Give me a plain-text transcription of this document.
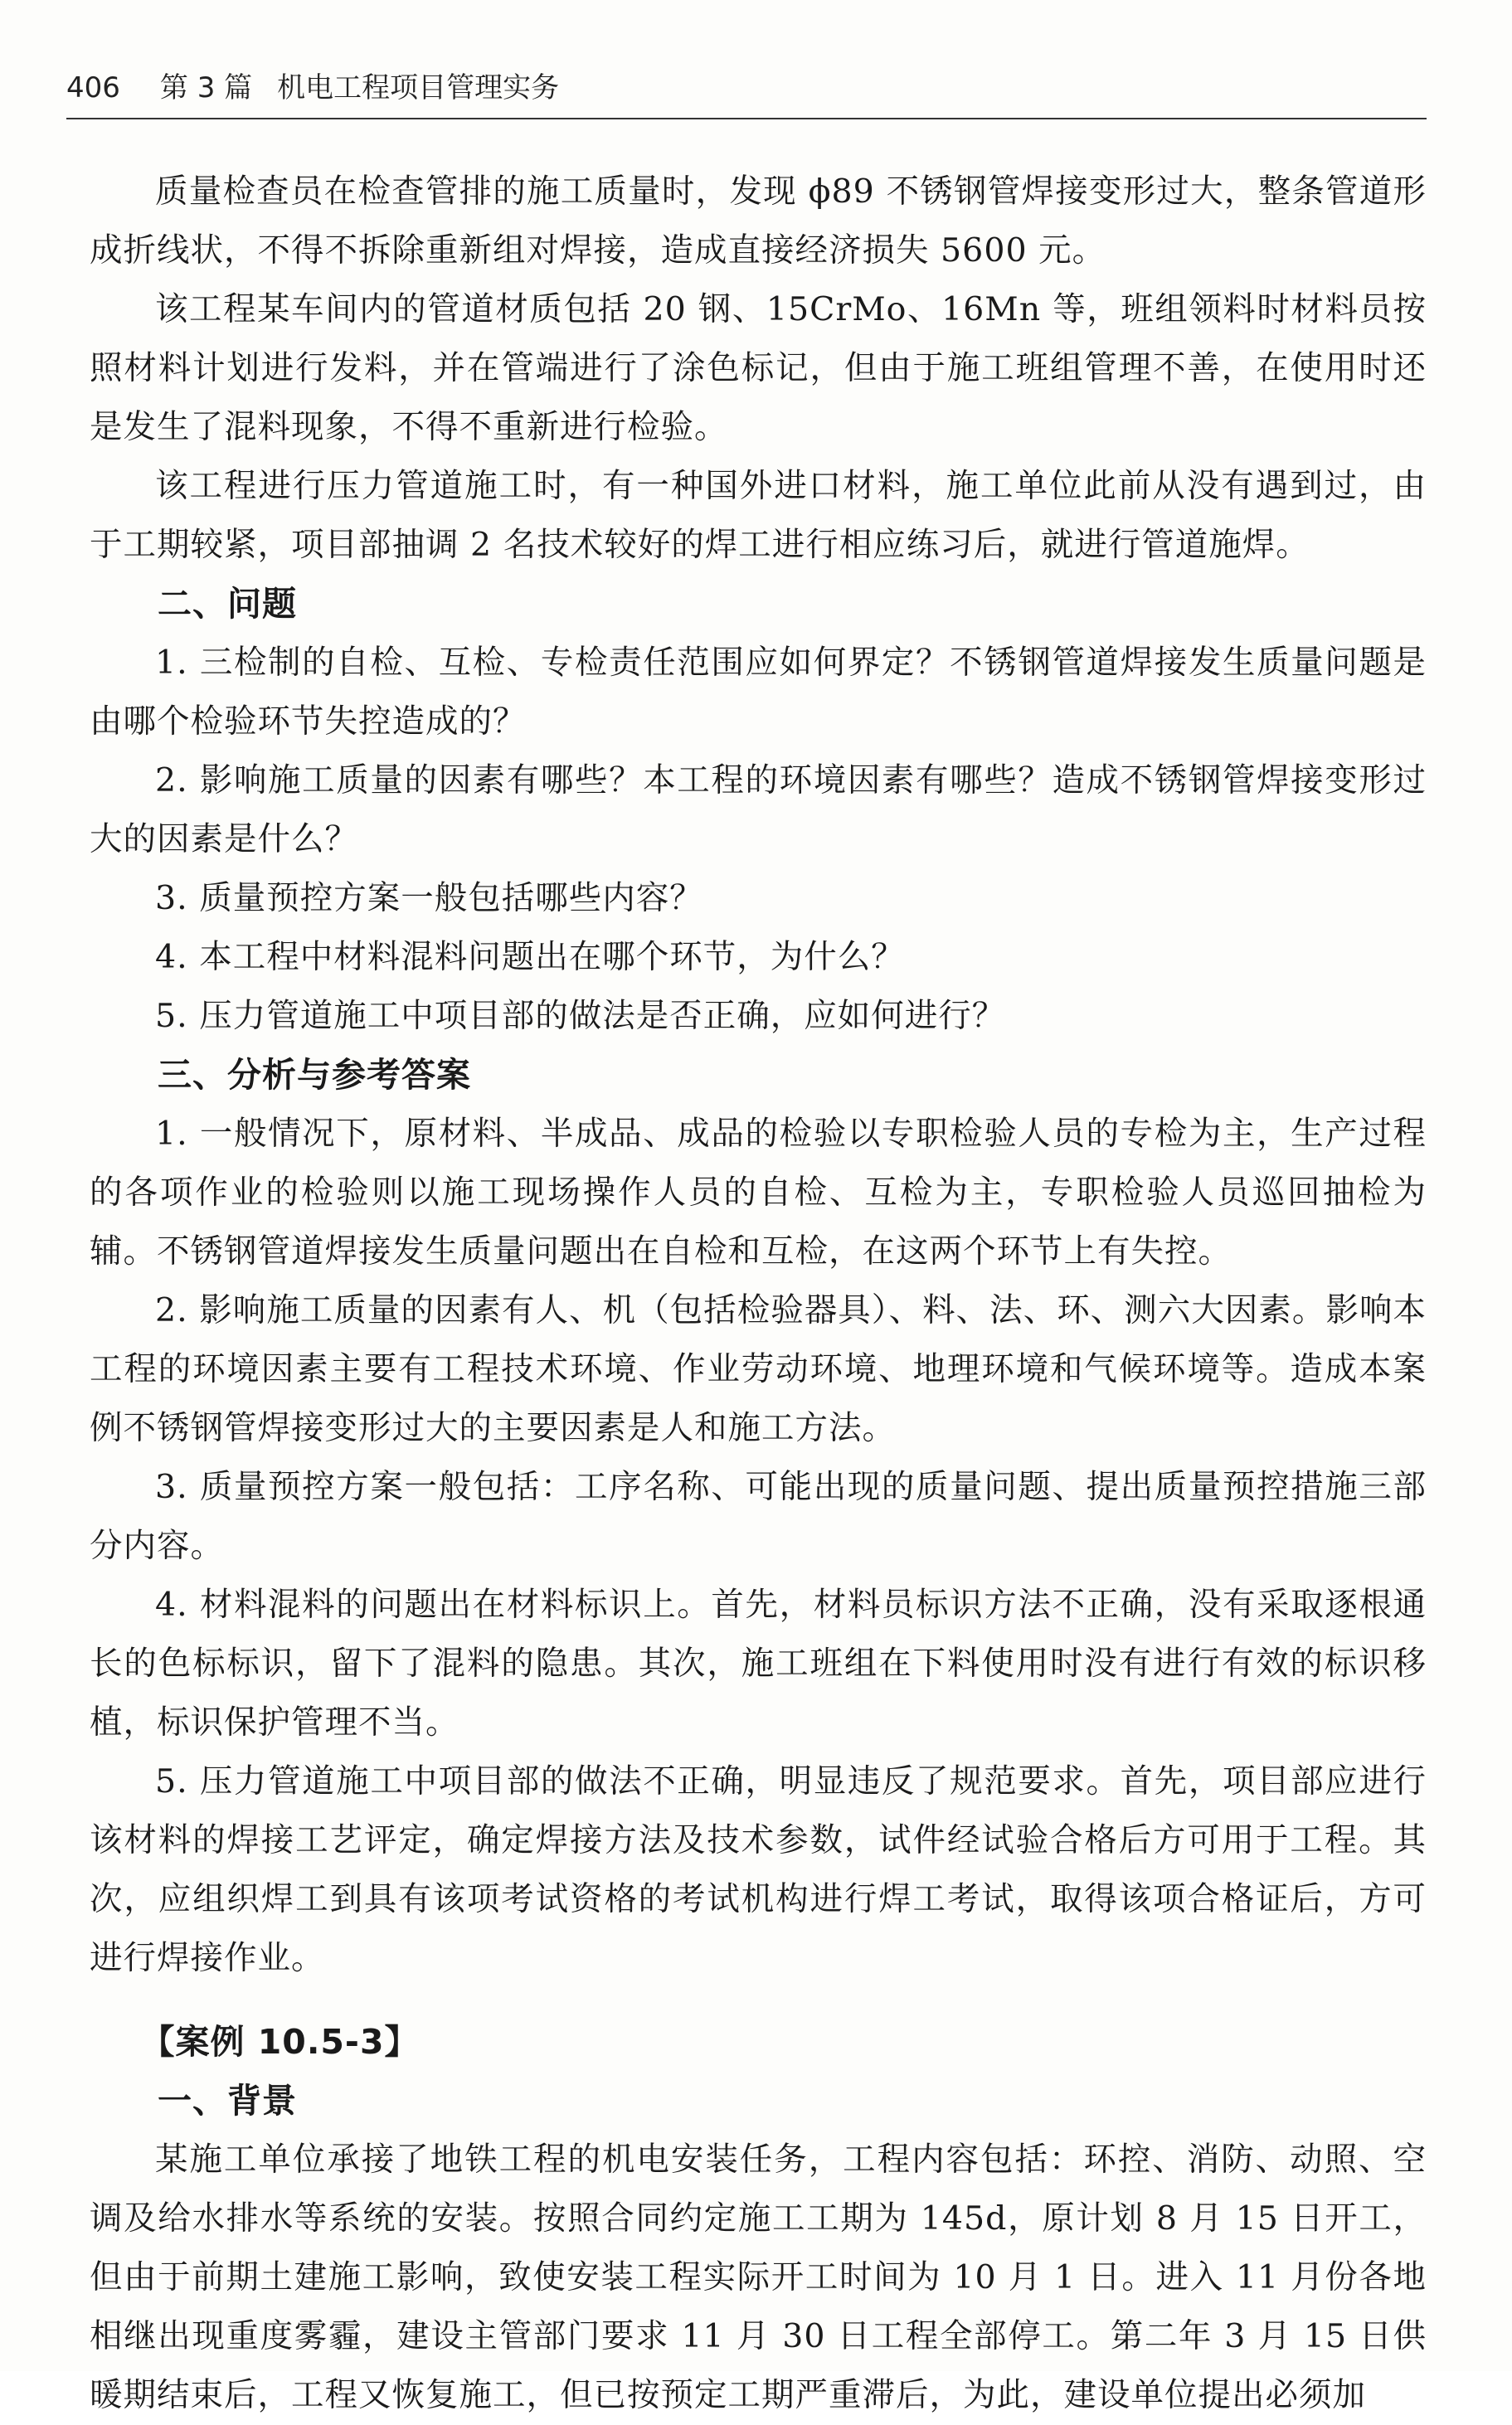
406 第 3 篇 机电工程项目管理实务

质量检查员在检查管排的施工质量时，发现 ϕ89 不锈钢管焊接变形过大，整条管道形成折线状，不得不拆除重新组对焊接，造成直接经济损失 5600 元。

该工程某车间内的管道材质包括 20 钢、15CrMo、16Mn 等，班组领料时材料员按照材料计划进行发料，并在管端进行了涂色标记，但由于施工班组管理不善，在使用时还是发生了混料现象，不得不重新进行检验。

该工程进行压力管道施工时，有一种国外进口材料，施工单位此前从没有遇到过，由于工期较紧，项目部抽调 2 名技术较好的焊工进行相应练习后，就进行管道施焊。

二、问题

1. 三检制的自检、互检、专检责任范围应如何界定？不锈钢管道焊接发生质量问题是由哪个检验环节失控造成的？

2. 影响施工质量的因素有哪些？本工程的环境因素有哪些？造成不锈钢管焊接变形过大的因素是什么？

3. 质量预控方案一般包括哪些内容？

4. 本工程中材料混料问题出在哪个环节，为什么？

5. 压力管道施工中项目部的做法是否正确，应如何进行？

三、分析与参考答案

1. 一般情况下，原材料、半成品、成品的检验以专职检验人员的专检为主，生产过程的各项作业的检验则以施工现场操作人员的自检、互检为主，专职检验人员巡回抽检为辅。不锈钢管道焊接发生质量问题出在自检和互检，在这两个环节上有失控。

2. 影响施工质量的因素有人、机（包括检验器具）、料、法、环、测六大因素。影响本工程的环境因素主要有工程技术环境、作业劳动环境、地理环境和气候环境等。造成本案例不锈钢管焊接变形过大的主要因素是人和施工方法。

3. 质量预控方案一般包括：工序名称、可能出现的质量问题、提出质量预控措施三部分内容。

4. 材料混料的问题出在材料标识上。首先，材料员标识方法不正确，没有采取逐根通长的色标标识，留下了混料的隐患。其次，施工班组在下料使用时没有进行有效的标识移植，标识保护管理不当。

5. 压力管道施工中项目部的做法不正确，明显违反了规范要求。首先，项目部应进行该材料的焊接工艺评定，确定焊接方法及技术参数，试件经试验合格后方可用于工程。其次，应组织焊工到具有该项考试资格的考试机构进行焊工考试，取得该项合格证后，方可进行焊接作业。

【案例 10.5-3】
一、背景

某施工单位承接了地铁工程的机电安装任务，工程内容包括：环控、消防、动照、空调及给水排水等系统的安装。按照合同约定施工工期为 145d，原计划 8 月 15 日开工，但由于前期土建施工影响，致使安装工程实际开工时间为 10 月 1 日。进入 11 月份各地相继出现重度雾霾，建设主管部门要求 11 月 30 日工程全部停工。第二年 3 月 15 日供暖期结束后，工程又恢复施工，但已按预定工期严重滞后，为此，建设单位提出必须加
